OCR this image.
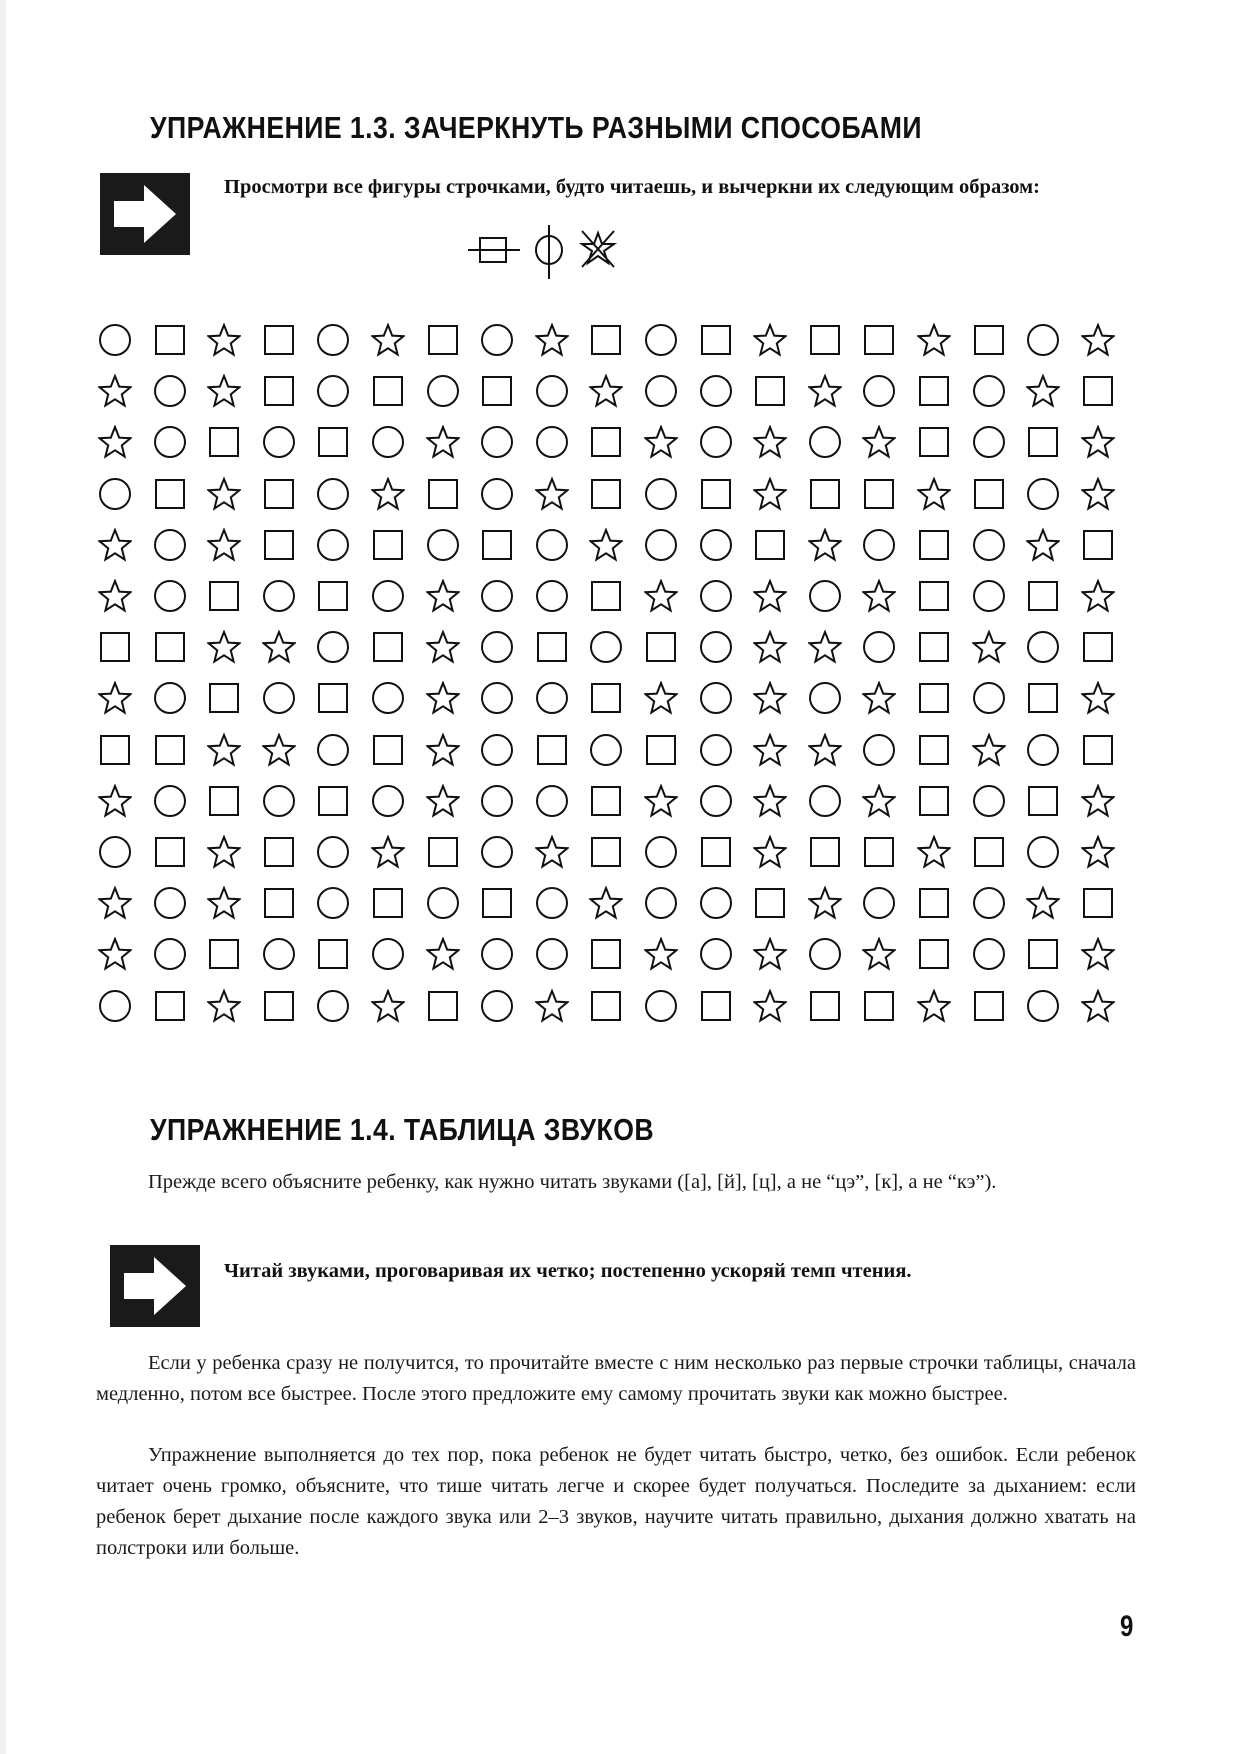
УПРАЖНЕНИЕ 1.3. ЗАЧЕРКНУТЬ РАЗНЫМИ СПОСОБАМИ

Просмотри все фигуры строчками, будто читаешь, и вычеркни их следующим образом:

УПРАЖНЕНИЕ 1.4. ТАБЛИЦА ЗВУКОВ

Прежде всего объясните ребенку, как нужно читать звуками ([а], [й], [ц], а не “цэ”, [к], а не “кэ”).

Читай звуками, проговаривая их четко; постепенно ускоряй темп чтения.

Если у ребенка сразу не получится, то прочитайте вместе с ним несколько раз первые строчки таблицы, сначала медленно, потом все быстрее. После этого предложите ему самому прочитать звуки как можно быстрее.

Упражнение выполняется до тех пор, пока ребенок не будет читать быстро, четко, без ошибок. Если ребенок читает очень громко, объясните, что тише читать легче и скорее будет получаться. Последите за дыханием: если ребенок берет дыхание после каждого звука или 2–3 звуков, научите читать правильно, дыхания должно хватать на полстроки или больше.

9
